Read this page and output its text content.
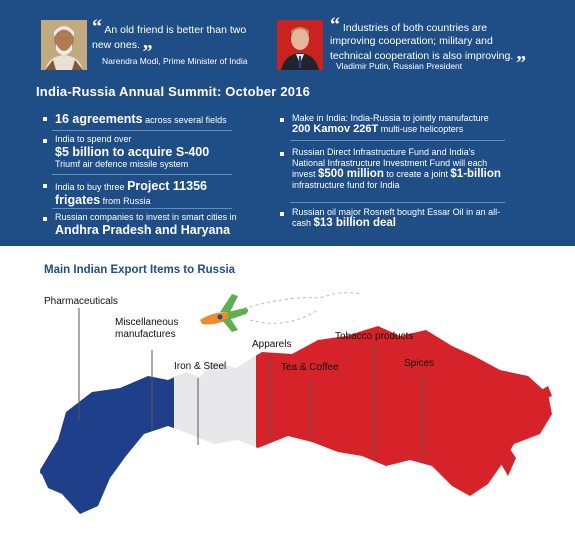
“ An old friend is better than two new ones. „
Narendra Modi, Prime Minister of India
“ Industries of both countries are improving cooperation; military and technical cooperation is also improving. „
Vladimir Putin, Russian President
India-Russia Annual Summit: October 2016
16 agreements across several fields
India to spend over
$5 billion to acquire S-400
Triumf air defence missile system
India to buy three Project 11356 frigates from Russia
Russian companies to invest in smart cities in
Andhra Pradesh and Haryana
Make in India: India-Russia to jointly manufacture
200 Kamov 226T multi-use helicopters
Russian Direct Infrastructure Fund and India's National Infrastructure Investment Fund will each invest $500 million to create a joint $1-billion infrastructure fund for India
Russian oil major Rosneft bought Essar Oil in an all-cash $13 billion deal
Main Indian Export Items to Russia
Pharmaceuticals
Miscellaneous manufactures
Iron & Steel
Apparels
Tea & Coffee
Tobacco products
Spices
